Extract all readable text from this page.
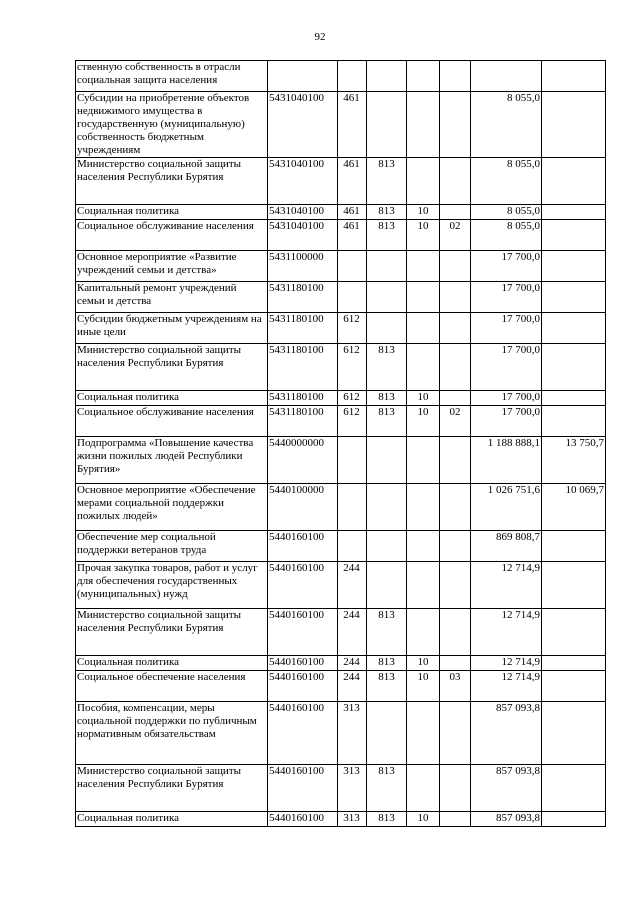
92
ственную собственность в отрасли социальная защита населения							
Субсидии на приобретение объектов недвижимого имущества в государственную (муниципальную) собственность бюджетным учреждениям	5431040100	461				8 055,0	
Министерство социальной защиты населения Республики Бурятия	5431040100	461	813			8 055,0	
Социальная политика	5431040100	461	813	10		8 055,0	
Социальное обслуживание населения	5431040100	461	813	10	02	8 055,0	
Основное мероприятие «Развитие учреждений семьи и детства»	5431100000					17 700,0	
Капитальный ремонт учреждений семьи и детства	5431180100					17 700,0	
Субсидии бюджетным учреждениям на иные цели	5431180100	612				17 700,0	
Министерство социальной защиты населения Республики Бурятия	5431180100	612	813			17 700,0	
Социальная политика	5431180100	612	813	10		17 700,0	
Социальное обслуживание населения	5431180100	612	813	10	02	17 700,0	
Подпрограмма «Повышение качества жизни пожилых людей Республики Бурятия»	5440000000					1 188 888,1	13 750,7
Основное мероприятие «Обеспечение мерами социальной поддержки пожилых людей»	5440100000					1 026 751,6	10 069,7
Обеспечение мер социальной поддержки ветеранов труда	5440160100					869 808,7	
Прочая закупка товаров, работ и услуг для обеспечения государственных (муниципальных) нужд	5440160100	244				12 714,9	
Министерство социальной защиты населения Республики Бурятия	5440160100	244	813			12 714,9	
Социальная политика	5440160100	244	813	10		12 714,9	
Социальное обеспечение населения	5440160100	244	813	10	03	12 714,9	
Пособия, компенсации, меры социальной поддержки по публичным нормативным обязательствам	5440160100	313				857 093,8	
Министерство социальной защиты населения Республики Бурятия	5440160100	313	813			857 093,8	
Социальная политика	5440160100	313	813	10		857 093,8	
